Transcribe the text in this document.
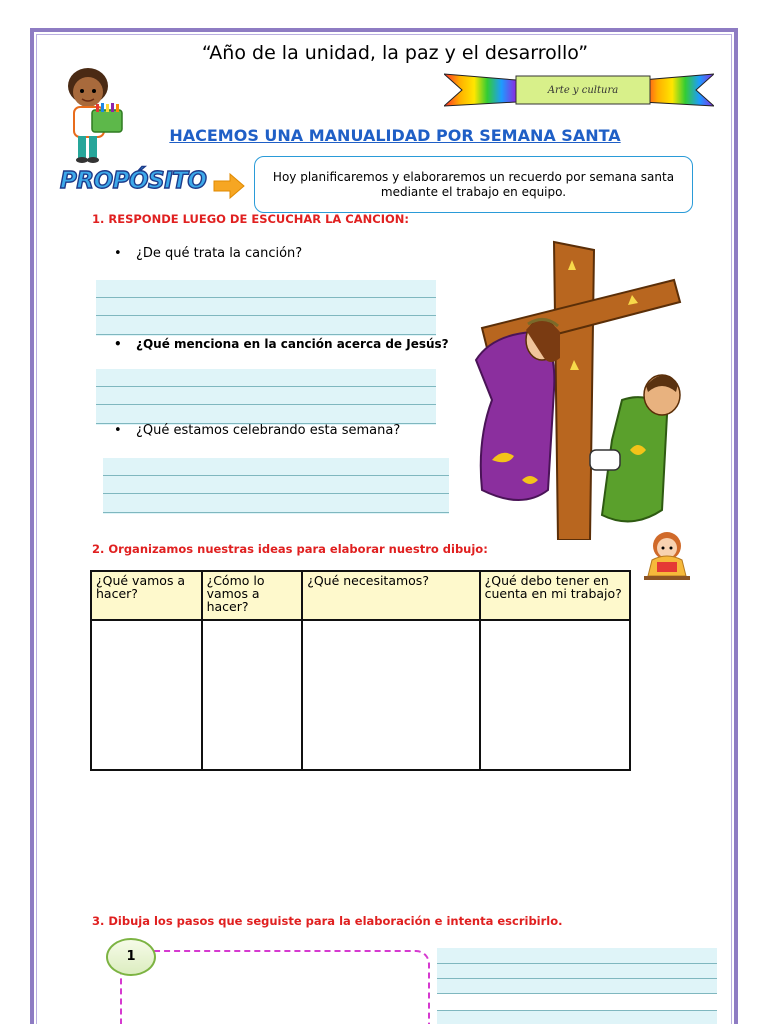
“Año de la unidad, la paz y el desarrollo”
Arte y cultura
HACEMOS UNA MANUALIDAD POR SEMANA SANTA
PROPÓSITO	Hoy planificaremos y elaboraremos un recuerdo por semana santa mediante el trabajo en equipo.
1. RESPONDE LUEGO DE ESCUCHAR LA CANCION:
• ¿De qué trata la canción?
• ¿Qué menciona en la canción acerca de Jesús?
• ¿Qué estamos celebrando esta semana?
2. Organizamos nuestras ideas para elaborar nuestro dibujo:
¿Qué vamos a hacer?	¿Cómo lo vamos a hacer?	¿Qué necesitamos?	¿Qué debo tener en cuenta en mi trabajo?

3. Dibuja los pasos que seguiste para la elaboración e intenta escribirlo.
1
